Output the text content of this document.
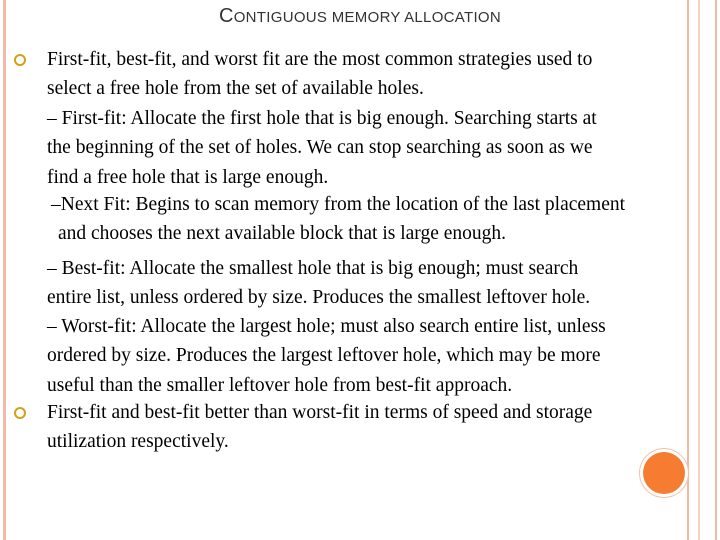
CONTIGUOUS MEMORY ALLOCATION
First-fit, best-fit, and worst fit are the most common strategies used to
select a free hole from the set of available holes.
– First-fit: Allocate the first hole that is big enough. Searching starts at
the beginning of the set of holes. We can stop searching as soon as we
find a free hole that is large enough.
–Next Fit: Begins to scan memory from the location of the last placement
and chooses the next available block that is large enough.
– Best-fit: Allocate the smallest hole that is big enough; must search
entire list, unless ordered by size. Produces the smallest leftover hole.
– Worst-fit: Allocate the largest hole; must also search entire list, unless
ordered by size. Produces the largest leftover hole, which may be more
useful than the smaller leftover hole from best-fit approach.
First-fit and best-fit better than worst-fit in terms of speed and storage
utilization respectively.
